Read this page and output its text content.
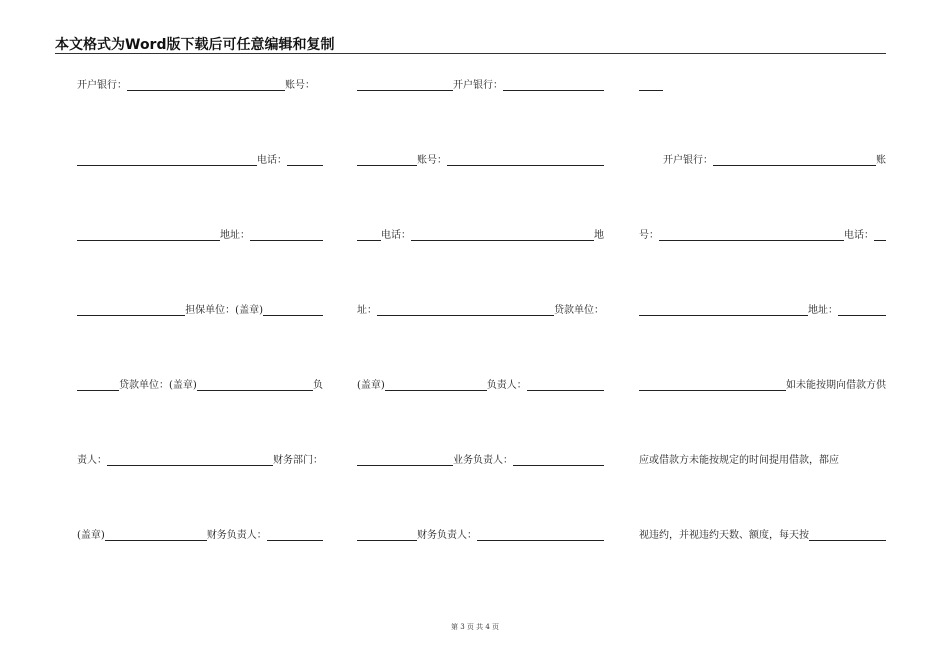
本文格式为Word版下载后可任意编辑和复制
开户银行：	账号：
电话：
地址：
担保单位：(盖章)
贷款单位：(盖章)	负
责人：	财务部门：
(盖章)	财务负责人：
开户银行：
账号：
电话：	地
址：	贷款单位：
(盖章)	负责人：
业务负责人：
财务负责人：
开户银行：	账
号：	电话：
地址：
如未能按期向借款方供
应或借款方未能按规定的时间提用借款，都应
视违约，并视违约天数、额度，每天按
第 3 页 共 4 页
